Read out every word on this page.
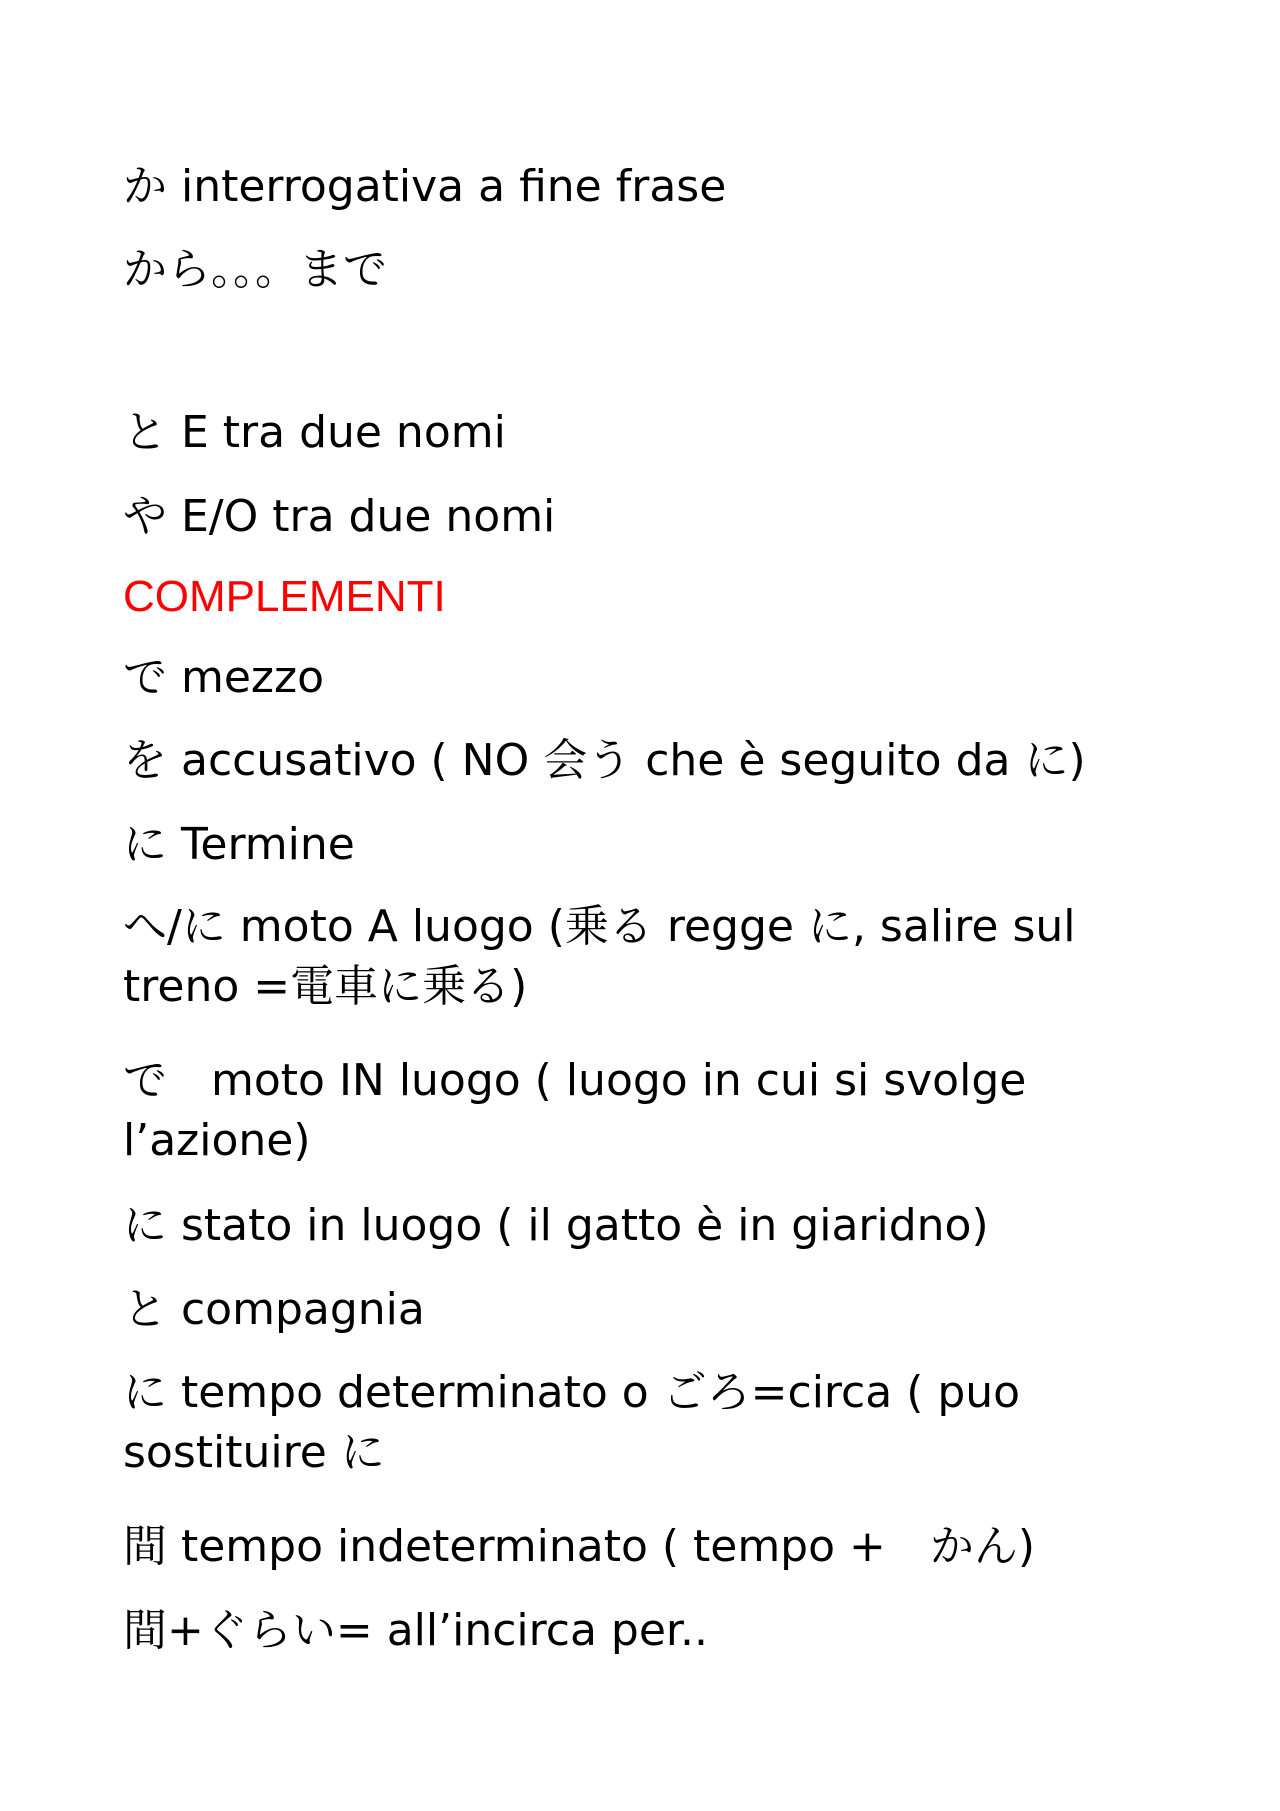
か interrogativa a fine frase

から。。。まで

と E tra due nomi

や E/O tra due nomi

COMPLEMENTI

で mezzo

を accusativo ( NO 会う che è seguito da に)

に Termine

へ/に moto A luogo (乗る regge に, salire sul treno =電車に乗る)

で　moto IN luogo ( luogo in cui si svolge l’azione)

に stato in luogo ( il gatto è in giaridno)

と compagnia

に tempo determinato o ごろ=circa ( puo sostituire に

間 tempo indeterminato ( tempo +　かん)

間+ぐらい= all’incirca per..
